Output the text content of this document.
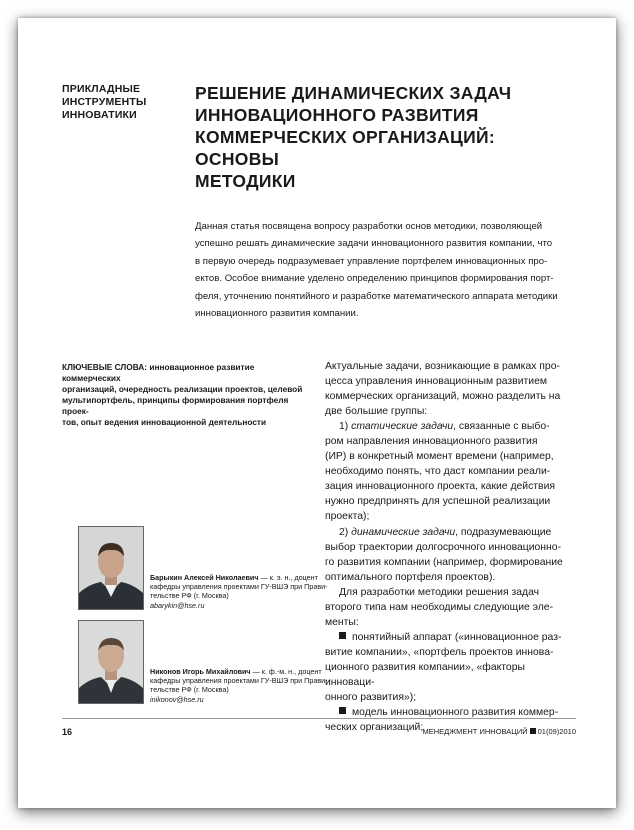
ПРИКЛАДНЫЕ
ИНСТРУМЕНТЫ
ИННОВАТИКИ
РЕШЕНИЕ ДИНАМИЧЕСКИХ ЗАДАЧ
ИННОВАЦИОННОГО РАЗВИТИЯ
КОММЕРЧЕСКИХ ОРГАНИЗАЦИЙ: ОСНОВЫ
МЕТОДИКИ
Данная статья посвящена вопросу разработки основ методики, позволяющей
успешно решать динамические задачи инновационного развития компании, что
в первую очередь подразумевает управление портфелем инновационных про-
ектов. Особое внимание уделено определению принципов формирования порт-
феля, уточнению понятийного и разработке математического аппарата методики
инновационного развития компании.
КЛЮЧЕВЫЕ СЛОВА: инновационное развитие коммерческих
организаций, очередность реализации проектов, целевой
мультипортфель, принципы формирования портфеля проек-
тов, опыт ведения инновационной деятельности

Актуальные задачи, возникающие в рамках про-

цесса управления инновационным развитием

коммерческих организаций, можно разделить на

две большие группы:

1) статические задачи, связанные с выбо-

ром направления инновационного развития

(ИР) в конкретный момент времени (например,

необходимо понять, что даст компании реали-

зация инновационного проекта, какие действия

нужно предпринять для успешной реализации

проекта);

2) динамические задачи, подразумевающие

выбор траектории долгосрочного инновационно-

го развития компании (например, формирование

оптимального портфеля проектов).

Для разработки методики решения задач

второго типа нам необходимы следующие эле-

менты:

понятийный аппарат («инновационное раз-

витие компании», «портфель проектов иннова-

ционного развития компании», «факторы инноваци-

онного развития»);

модель инновационного развития коммер-

ческих организаций;

Барыкин Алексей Николаевич — к. э. н., доцент
кафедры управления проектами ГУ-ВШЭ при Прави-
тельстве РФ (г. Москва)
abarykin@hse.ru
Никонов Игорь Михайлович — к. ф.-м. н., доцент
кафедры управления проектами ГУ-ВШЭ при Прави-
тельстве РФ (г. Москва)
inikonov@hse.ru
16	МЕНЕДЖМЕНТ ИННОВАЦИЙ 01(09)2010
